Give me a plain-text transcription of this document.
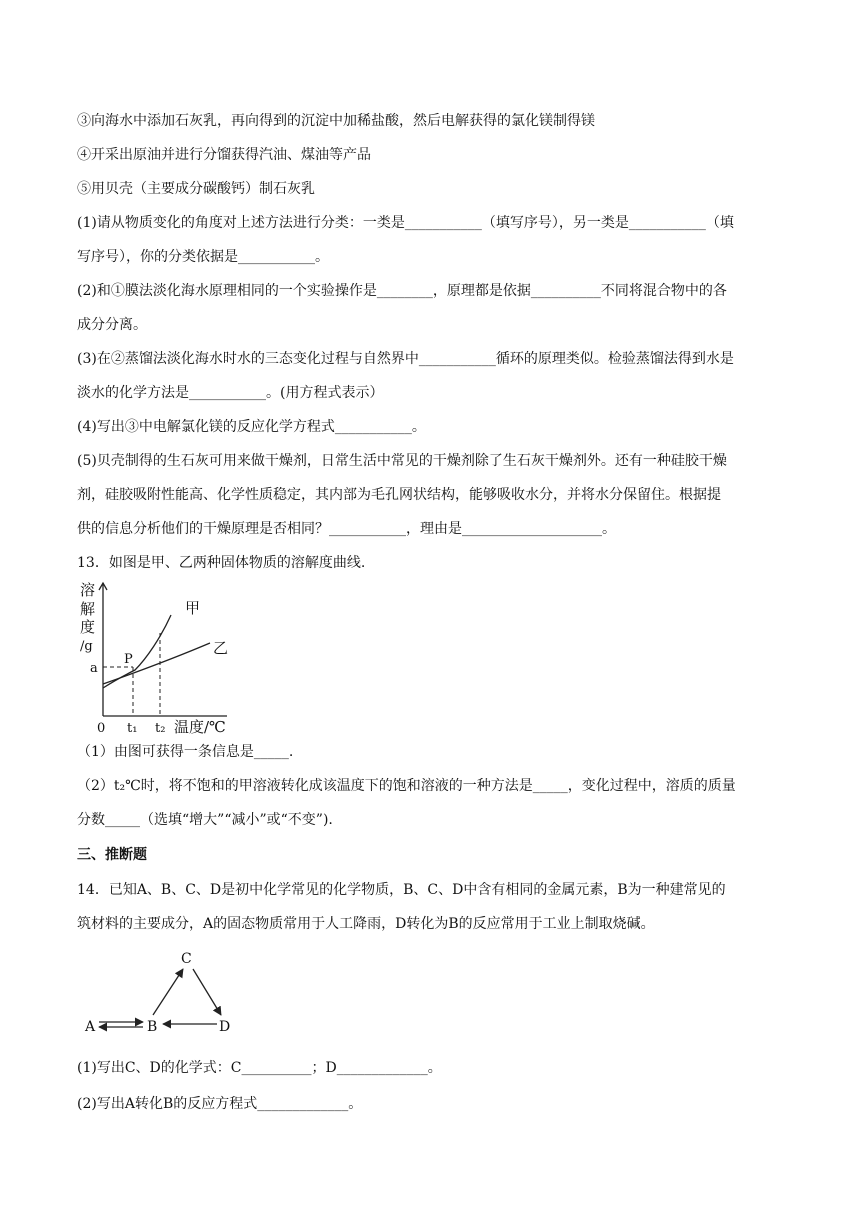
③向海水中添加石灰乳，再向得到的沉淀中加稀盐酸，然后电解获得的氯化镁制得镁
④开采出原油并进行分馏获得汽油、煤油等产品
⑤用贝壳（主要成分碳酸钙）制石灰乳
(1)请从物质变化的角度对上述方法进行分类：一类是___________（填写序号），另一类是___________（填
写序号），你的分类依据是___________。
(2)和①膜法淡化海水原理相同的一个实验操作是________，原理都是依据__________不同将混合物中的各
成分分离。
(3)在②蒸馏法淡化海水时水的三态变化过程与自然界中___________循环的原理类似。检验蒸馏法得到水是
淡水的化学方法是___________。(用方程式表示）
(4)写出③中电解氯化镁的反应化学方程式___________。
(5)贝壳制得的生石灰可用来做干燥剂，日常生活中常见的干燥剂除了生石灰干燥剂外。还有一种硅胶干燥
剂，硅胶吸附性能高、化学性质稳定，其内部为毛孔网状结构，能够吸收水分，并将水分保留住。根据提
供的信息分析他们的干燥原理是否相同？___________，理由是____________________。
13．如图是甲、乙两种固体物质的溶解度曲线.
溶
解
度
/g
甲
乙
P
a
0 t₁ t₂ 温度/℃
（1）由图可获得一条信息是_____.
（2）t₂℃时，将不饱和的甲溶液转化成该温度下的饱和溶液的一种方法是_____，变化过程中，溶质的质量
分数_____（选填“增大”“减小”或“不变”).
三、推断题
14．已知A、B、C、D是初中化学常见的化学物质，B、C、D中含有相同的金属元素，B为一种建常见的
筑材料的主要成分，A的固态物质常用于人工降雨，D转化为B的反应常用于工业上制取烧碱。
C
A	B	D
(1)写出C、D的化学式：C__________；D_____________。
(2)写出A转化B的反应方程式_____________。
